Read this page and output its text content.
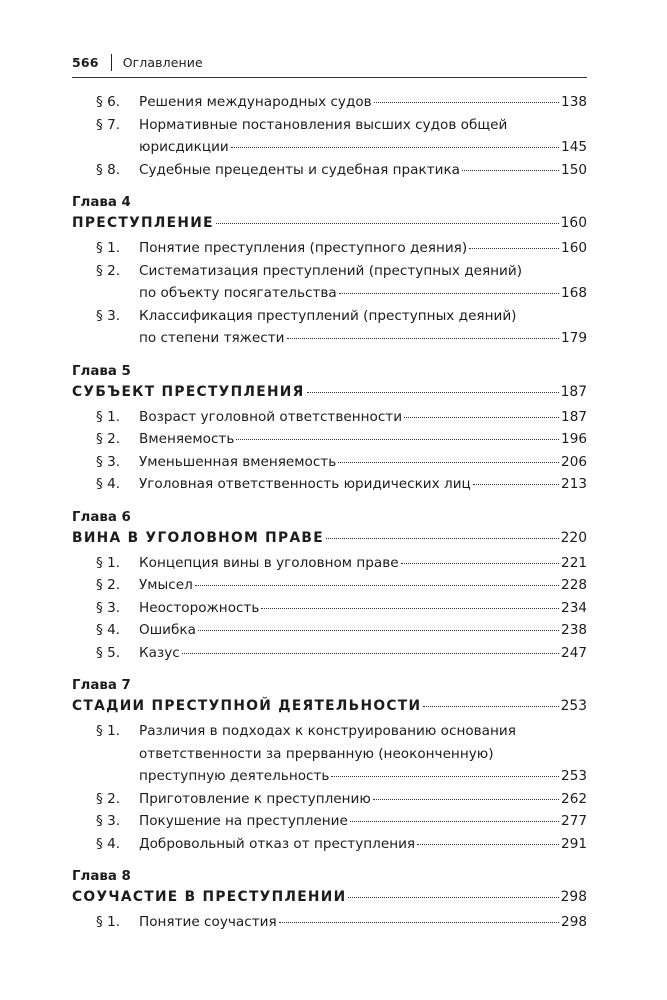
566 Оглавление
§ 6.	Решения международных судов	138
§ 7.	Нормативные постановления высших судов общей
юрисдикции	145
§ 8.	Судебные прецеденты и судебная практика	150
Глава 4
ПРЕСТУПЛЕНИЕ	160
§ 1.	Понятие преступления (преступного деяния)	160
§ 2.	Систематизация преступлений (преступных деяний)
по объекту посягательства	168
§ 3.	Классификация преступлений (преступных деяний)
по степени тяжести	179
Глава 5
СУБЪЕКТ ПРЕСТУПЛЕНИЯ	187
§ 1.	Возраст уголовной ответственности	187
§ 2.	Вменяемость	196
§ 3.	Уменьшенная вменяемость	206
§ 4.	Уголовная ответственность юридических лиц	213
Глава 6
ВИНА В УГОЛОВНОМ ПРАВЕ	220
§ 1.	Концепция вины в уголовном праве	221
§ 2.	Умысел	228
§ 3.	Неосторожность	234
§ 4.	Ошибка	238
§ 5.	Казус	247
Глава 7
СТАДИИ ПРЕСТУПНОЙ ДЕЯТЕЛЬНОСТИ	253
§ 1.	Различия в подходах к конструированию основания
ответственности за прерванную (неоконченную)
преступную деятельность	253
§ 2.	Приготовление к преступлению	262
§ 3.	Покушение на преступление	277
§ 4.	Добровольный отказ от преступления	291
Глава 8
СОУЧАСТИЕ В ПРЕСТУПЛЕНИИ	298
§ 1.	Понятие соучастия	298
